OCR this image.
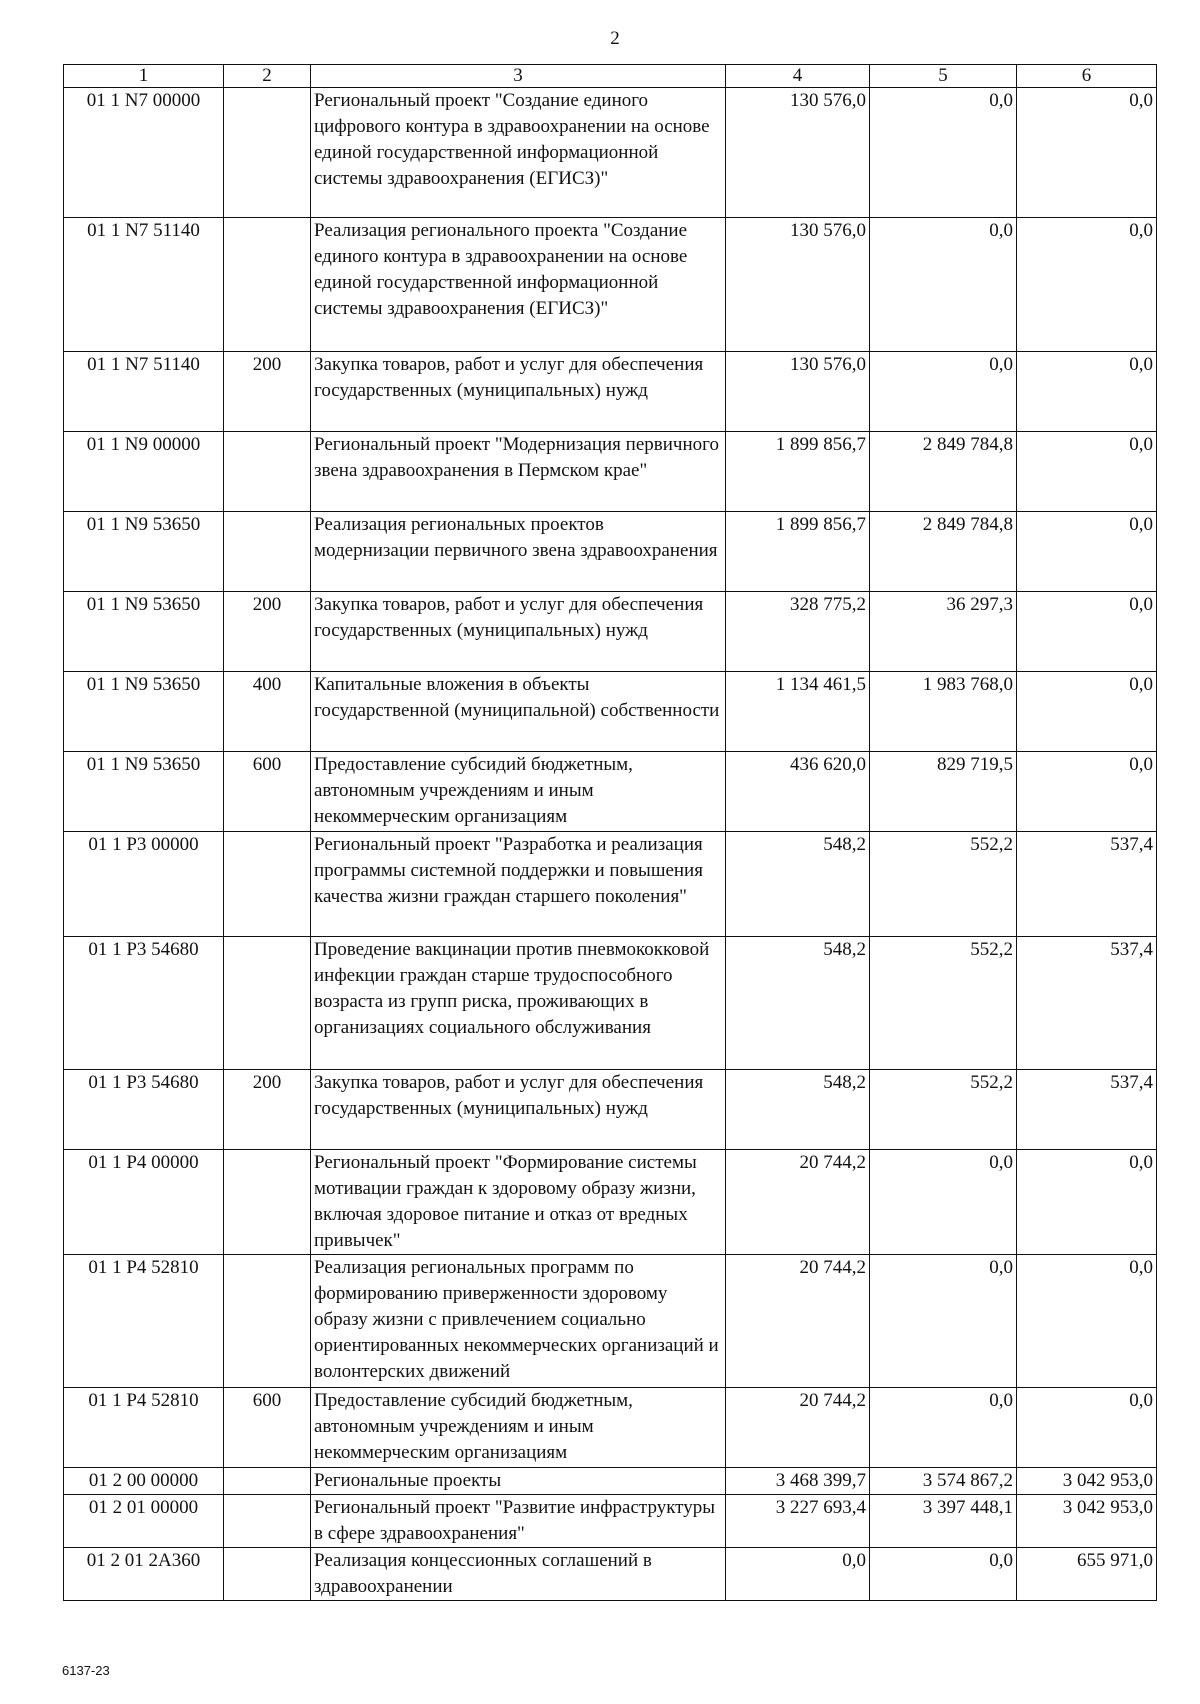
2
1	2	3	4	5	6
01 1 N7 00000		Региональный проект "Создание единого цифрового контура в здравоохранении на основе единой государственной информационной системы здравоохранения (ЕГИСЗ)"	130 576,0	0,0	0,0
01 1 N7 51140		Реализация регионального проекта "Создание единого контура в здравоохранении на основе единой государственной информационной системы здравоохранения (ЕГИСЗ)"	130 576,0	0,0	0,0
01 1 N7 51140	200	Закупка товаров, работ и услуг для обеспечения государственных (муниципальных) нужд	130 576,0	0,0	0,0
01 1 N9 00000		Региональный проект "Модернизация первичного звена здравоохранения в Пермском крае"	1 899 856,7	2 849 784,8	0,0
01 1 N9 53650		Реализация региональных проектов модернизации первичного звена здравоохранения	1 899 856,7	2 849 784,8	0,0
01 1 N9 53650	200	Закупка товаров, работ и услуг для обеспечения государственных (муниципальных) нужд	328 775,2	36 297,3	0,0
01 1 N9 53650	400	Капитальные вложения в объекты государственной (муниципальной) собственности	1 134 461,5	1 983 768,0	0,0
01 1 N9 53650	600	Предоставление субсидий бюджетным, автономным учреждениям и иным некоммерческим организациям	436 620,0	829 719,5	0,0
01 1 P3 00000		Региональный проект "Разработка и реализация программы системной поддержки и повышения качества жизни граждан старшего поколения"	548,2	552,2	537,4
01 1 P3 54680		Проведение вакцинации против пневмококковой инфекции граждан старше трудоспособного возраста из групп риска, проживающих в организациях социального обслуживания	548,2	552,2	537,4
01 1 P3 54680	200	Закупка товаров, работ и услуг для обеспечения государственных (муниципальных) нужд	548,2	552,2	537,4
01 1 P4 00000		Региональный проект "Формирование системы мотивации граждан к здоровому образу жизни, включая здоровое питание и отказ от вредных привычек"	20 744,2	0,0	0,0
01 1 P4 52810		Реализация региональных программ по формированию приверженности здоровому образу жизни с привлечением социально ориентированных некоммерческих организаций и волонтерских движений	20 744,2	0,0	0,0
01 1 P4 52810	600	Предоставление субсидий бюджетным, автономным учреждениям и иным некоммерческим организациям	20 744,2	0,0	0,0
01 2 00 00000		Региональные проекты	3 468 399,7	3 574 867,2	3 042 953,0
01 2 01 00000		Региональный проект "Развитие инфраструктуры в сфере здравоохранения"	3 227 693,4	3 397 448,1	3 042 953,0
01 2 01 2A360		Реализация концессионных соглашений в здравоохранении	0,0	0,0	655 971,0
6137-23
